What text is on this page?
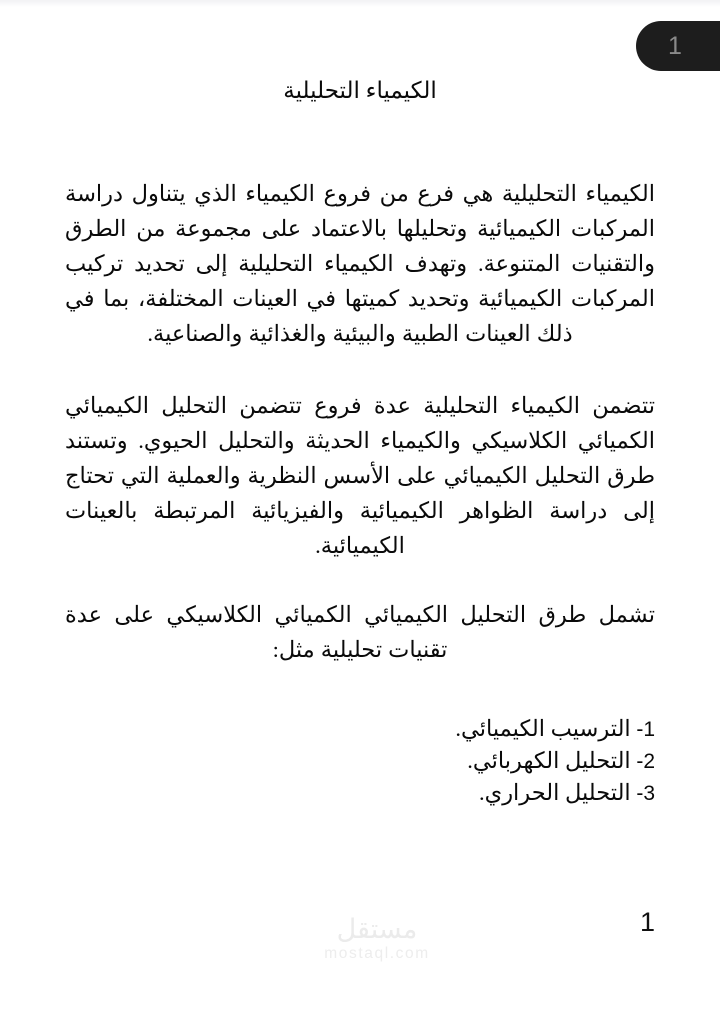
1
الكيمياء التحليلية

الكيمياء التحليلية هي فرع من فروع الكيمياء الذي يتناول دراسة المركبات الكيميائية وتحليلها بالاعتماد على مجموعة من الطرق والتقنيات المتنوعة. وتهدف الكيمياء التحليلية إلى تحديد تركيب المركبات الكيميائية وتحديد كميتها في العينات المختلفة، بما في ذلك العينات الطبية والبيئية والغذائية والصناعية.

تتضمن الكيمياء التحليلية عدة فروع تتضمن التحليل الكيميائي الكميائي الكلاسيكي والكيمياء الحديثة والتحليل الحيوي. وتستند طرق التحليل الكيميائي على الأسس النظرية والعملية التي تحتاج إلى دراسة الظواهر الكيميائية والفيزيائية المرتبطة بالعينات الكيميائية.

تشمل طرق التحليل الكيميائي الكميائي الكلاسيكي على عدة تقنيات تحليلية مثل:

1- الترسيب الكيميائي.
2- التحليل الكهربائي.
3- التحليل الحراري.
مستقل
mostaql.com
1
